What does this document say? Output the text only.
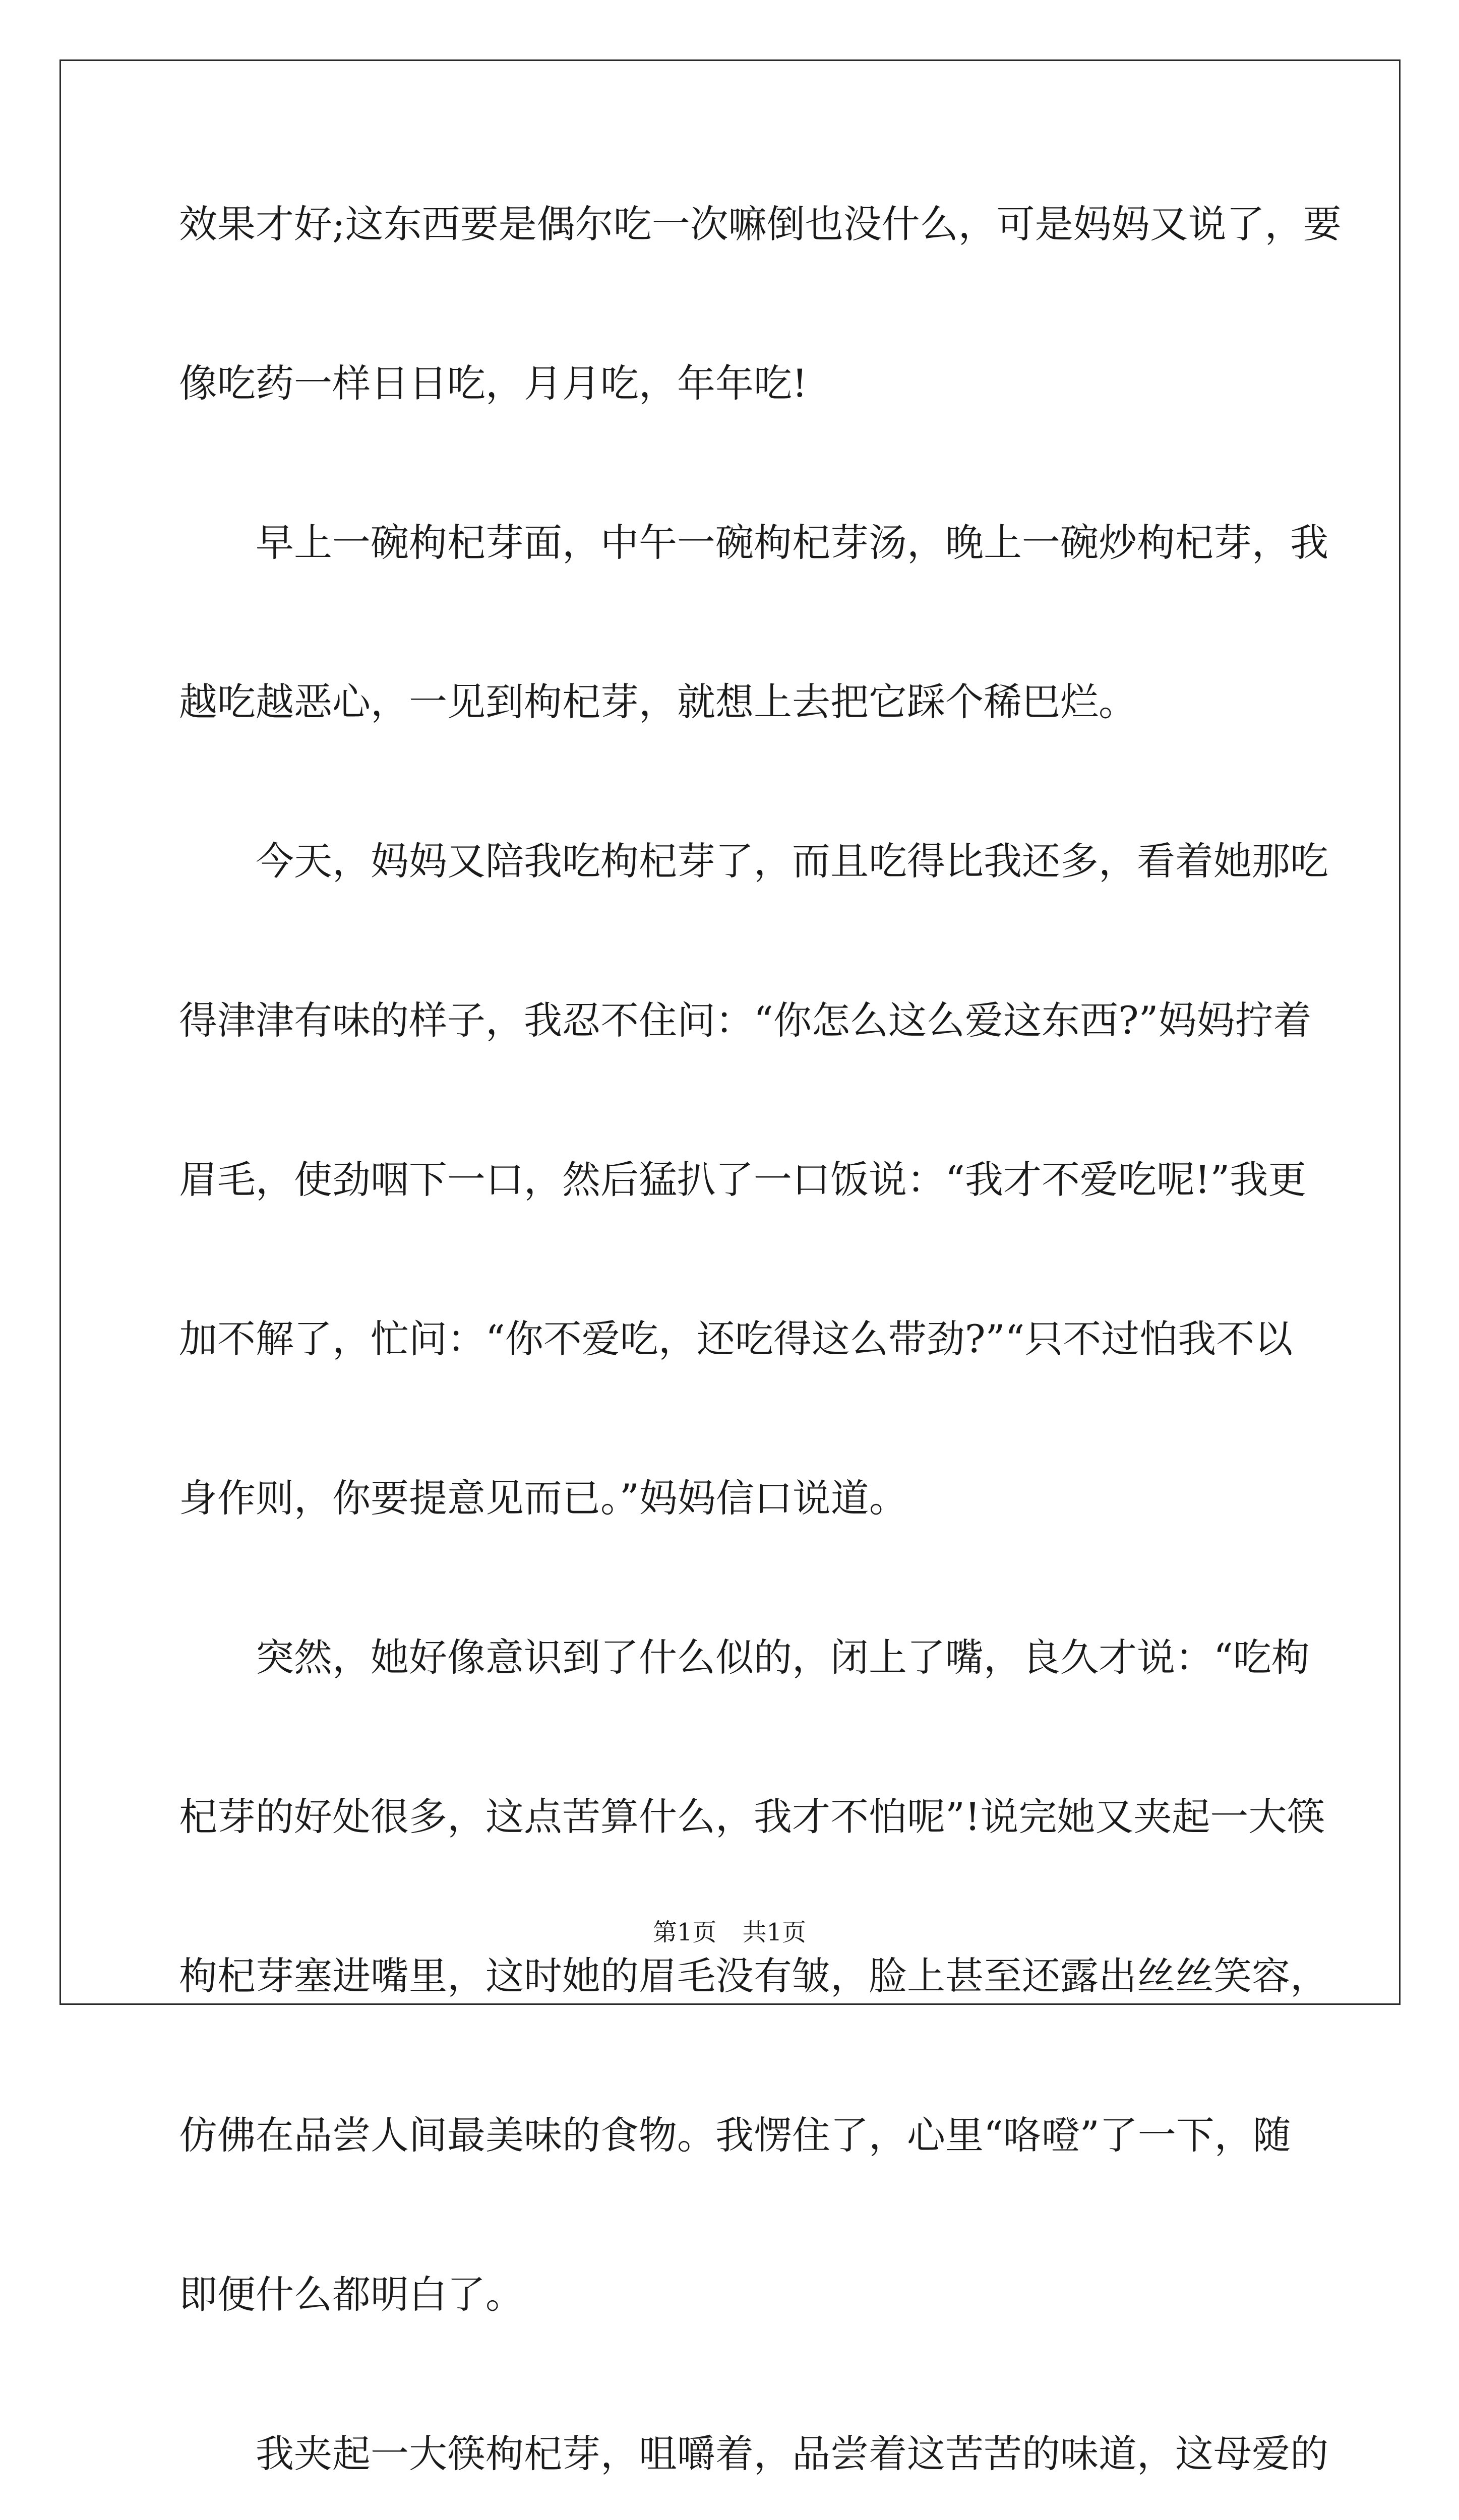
效果才好;这东西要是偶尔吃一次嘛倒也没什么，可是妈妈又说了，要
像吃药一样日日吃，月月吃，年年吃!
早上一碗枸杞芽面，中午一碗枸杞芽汤，晚上一碗炒枸杞芽，我
越吃越恶心，一见到枸杞芽，就想上去把它踩个稀巴烂。
今天，妈妈又陪我吃枸杞芽了，而且吃得比我还多，看着她那吃
得津津有味的样子，我忍不住问：“你怎么这么爱这东西?”妈妈拧着
眉毛，使劲咽下一口，然后猛扒了一口饭说：“我才不爱吃呢!”我更
加不解了，忙问：“你不爱吃，还吃得这么带劲?”“只不过怕我不以
身作则，你要提意见而已。”妈妈信口说道。
突然，她好像意识到了什么似的，闭上了嘴，良久才说：“吃枸
杞芽的好处很多，这点苦算什么，我才不怕呢”!说完她又夹起一大筷
枸杞芽塞进嘴里，这时她的眉毛没有皱，脸上甚至还露出丝丝笑容，
仿佛在品尝人间最美味的食物。我愣住了，心里“咯噔”了一下，随
即便什么都明白了。
我夹起一大筷枸杞芽，咀嚼着，品尝着这苦苦的味道，这母爱的
第1页 共1页
